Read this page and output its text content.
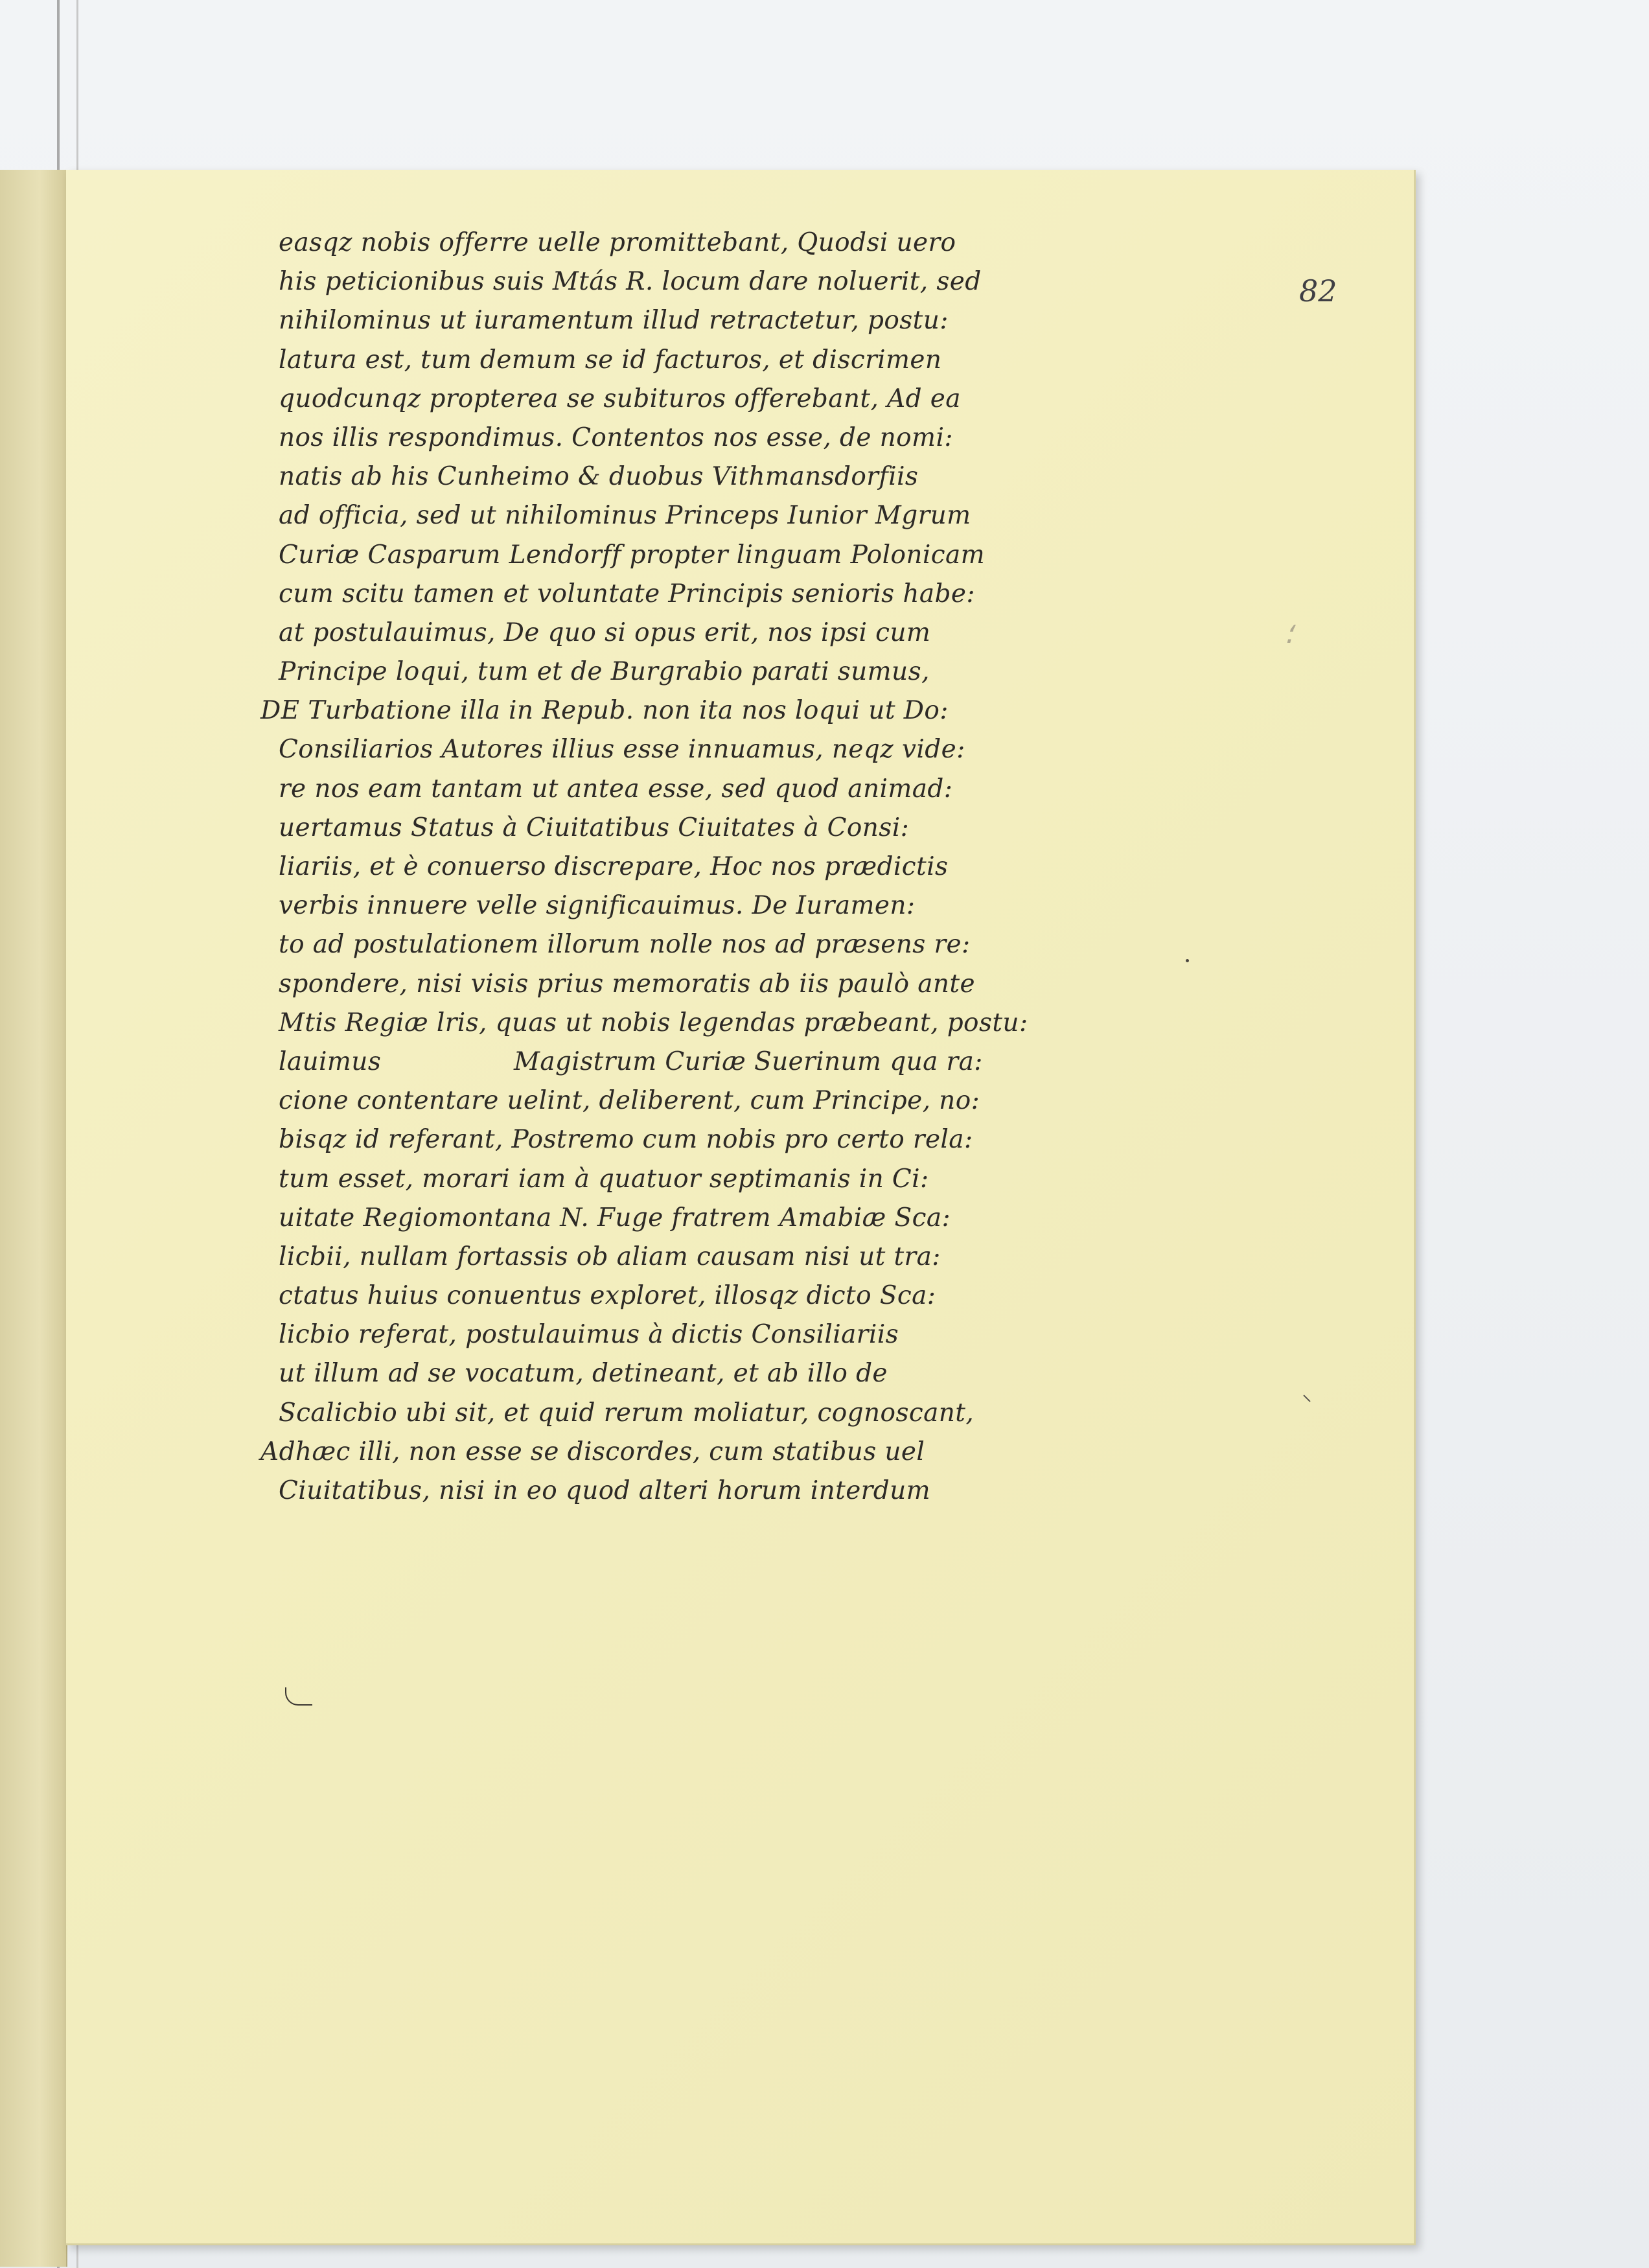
82
؛
easqz nobis offerre uelle promittebant, Quodsi uero
his peticionibus suis Mtás R. locum dare noluerit, sed
nihilominus ut iuramentum illud retractetur, postu:
latura est, tum demum se id facturos, et discrimen
quodcunqz propterea se subituros offerebant, Ad ea
nos illis respondimus. Contentos nos esse, de nomi:
natis ab his Cunheimo & duobus Vithmansdorfiis
ad officia, sed ut nihilominus Princeps Iunior Mgrum
Curiæ Casparum Lendorff propter linguam Polonicam
cum scitu tamen et voluntate Principis senioris habe:
at postulauimus, De quo si opus erit, nos ipsi cum
Principe loqui, tum et de Burgrabio parati sumus,
DE Turbatione illa in Repub. non ita nos loqui ut Do:
Consiliarios Autores illius esse innuamus, neqz vide:
re nos eam tantam ut antea esse, sed quod animad:
uertamus Status à Ciuitatibus Ciuitates à Consi:
liariis, et è conuerso discrepare, Hoc nos prædictis
verbis innuere velle significauimus. De Iuramen:
to ad postulationem illorum nolle nos ad præsens re:
spondere, nisi visis prius memoratis ab iis paulò ante
Mtis Regiæ lris, quas ut nobis legendas præbeant, postu:
lauimus                Magistrum Curiæ Suerinum qua ra:
cione contentare uelint, deliberent, cum Principe, no:
bisqz id referant, Postremo cum nobis pro certo rela:
tum esset, morari iam à quatuor septimanis in Ci:
uitate Regiomontana N. Fuge fratrem Amabiæ Sca:
licbii, nullam fortassis ob aliam causam nisi ut tra:
ctatus huius conuentus exploret, illosqz dicto Sca:
licbio referat, postulauimus à dictis Consiliariis
ut illum ad se vocatum, detineant, et ab illo de
Scalicbio ubi sit, et quid rerum moliatur, cognoscant,
Adhæc illi, non esse se discordes, cum statibus uel
Ciuitatibus, nisi in eo quod alteri horum interdum
